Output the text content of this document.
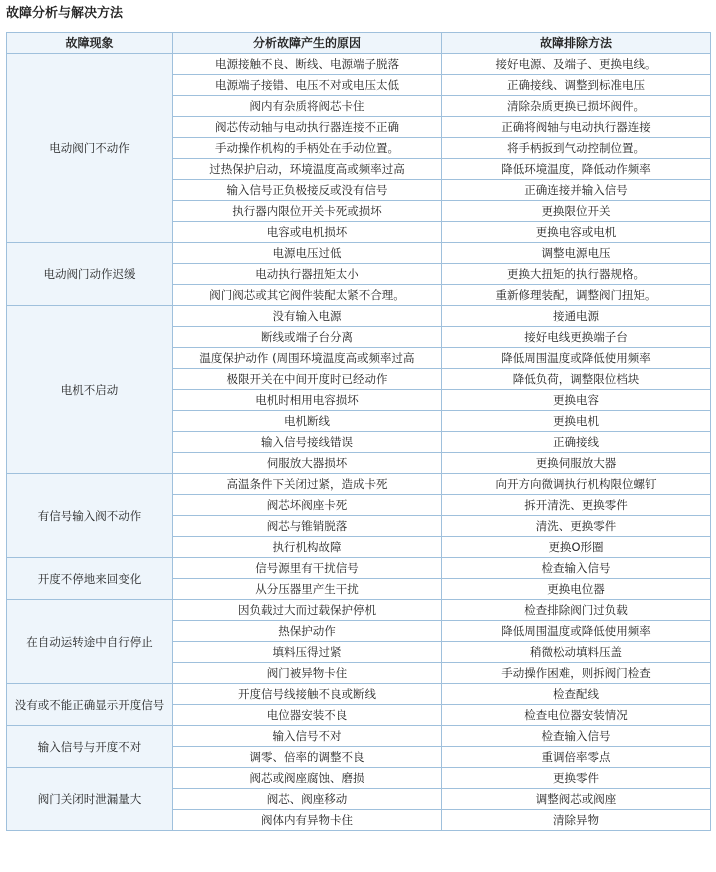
故障分析与解决方法
故障现象	分析故障产生的原因	故障排除方法
电动阀门不动作	电源接触不良、断线、电源端子脱落	接好电源、及端子、更换电线。
	电源端子接错、电压不对或电压太低	正确接线、调整到标准电压
	阀内有杂质将阀芯卡住	清除杂质更换已损坏阀件。
	阀芯传动轴与电动执行器连接不正确	正确将阀轴与电动执行器连接
	手动操作机构的手柄处在手动位置。	将手柄扳到气动控制位置。
	过热保护启动，环境温度高或频率过高	降低环境温度，降低动作频率
	输入信号正负极接反或没有信号	正确连接并输入信号
	执行器内限位开关卡死或损坏	更换限位开关
	电容或电机损坏	更换电容或电机
电动阀门动作迟缓	电源电压过低	调整电源电压
	电动执行器扭矩太小	更换大扭矩的执行器规格。
	阀门阀芯或其它阀件装配太紧不合理。	重新修理装配，调整阀门扭矩。
电机不启动	没有输入电源	接通电源
	断线或端子台分离	接好电线更换端子台
	温度保护动作 (周围环境温度高或频率过高	降低周围温度或降低使用频率
	极限开关在中间开度时已经动作	降低负荷，调整限位档块
	电机时相用电容损坏	更换电容
	电机断线	更换电机
	输入信号接线错误	正确接线
	伺服放大器损坏	更换伺服放大器
有信号输入阀不动作	高温条件下关闭过紧，造成卡死	向开方向微调执行机构限位螺钉
	阀芯坏阀座卡死	拆开清洗、更换零件
	阀芯与锥销脱落	清洗、更换零件
	执行机构故障	更换O形圈
开度不停地来回变化	信号源里有干扰信号	检查输入信号
	从分压器里产生干扰	更换电位器
在自动运转途中自行停止	因负载过大而过载保护停机	检查排除阀门过负载
	热保护动作	降低周围温度或降低使用频率
	填料压得过紧	稍微松动填料压盖
	阀门被异物卡住	手动操作困难，则拆阀门检查
没有或不能正确显示开度信号	开度信号线接触不良或断线	检查配线
	电位器安装不良	检查电位器安装情况
输入信号与开度不对	输入信号不对	检查输入信号
	调零、倍率的调整不良	重调倍率零点
阀门关闭时泄漏量大	阀芯或阀座腐蚀、磨损	更换零件
	阀芯、阀座移动	调整阀芯或阀座
	阀体内有异物卡住	清除异物
